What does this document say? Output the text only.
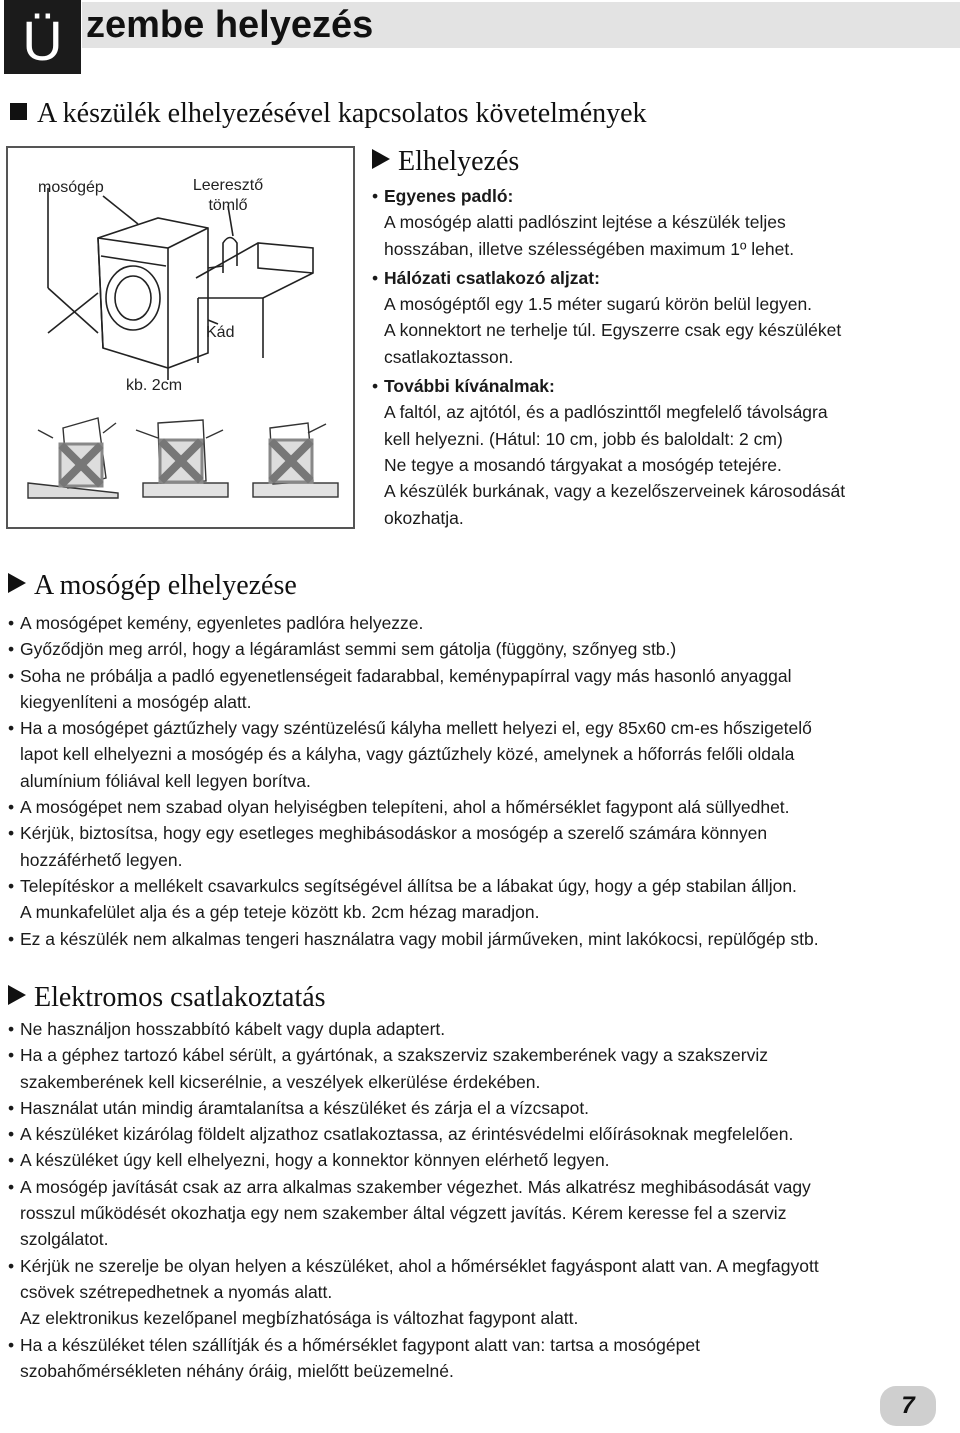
Ü zembe helyezés
A készülék elhelyezésével kapcsolatos követelmények
mosógép	Leeresztő
tömlő
Kád
kb. 2cm
Elhelyezés
• Egyenes padló:
A mosógép alatti padlószint lejtése a készülék teljes
hosszában, illetve szélességében maximum 1º lehet.
• Hálózati csatlakozó aljzat:
A mosógéptől egy 1.5 méter sugarú körön belül legyen.
A konnektort ne terhelje túl. Egyszerre csak egy készüléket
csatlakoztasson.
• További kívánalmak:
A faltól, az ajtótól, és a padlószinttől megfelelő távolságra
kell helyezni. (Hátul: 10 cm, jobb és baloldalt: 2 cm)
Ne tegye a mosandó tárgyakat a mosógép tetejére.
A készülék burkának, vagy a kezelőszerveinek károsodását
okozhatja.
A mosógép elhelyezése
• A mosógépet kemény, egyenletes padlóra helyezze.
• Győződjön meg arról, hogy a légáramlást semmi sem gátolja (függöny, szőnyeg stb.)
• Soha ne próbálja a padló egyenetlenségeit fadarabbal, keménypapírral vagy más hasonló anyaggal
kiegyenlíteni a mosógép alatt.
• Ha a mosógépet gáztűzhely vagy széntüzelésű kályha mellett helyezi el, egy 85x60 cm-es hőszigetelő
lapot kell elhelyezni a mosógép és a kályha, vagy gáztűzhely közé, amelynek a hőforrás felőli oldala
alumínium fóliával kell legyen borítva.
• A mosógépet nem szabad olyan helyiségben telepíteni, ahol a hőmérséklet fagypont alá süllyedhet.
• Kérjük, biztosítsa, hogy egy esetleges meghibásodáskor a mosógép a szerelő számára könnyen
hozzáférhető legyen.
• Telepítéskor a mellékelt csavarkulcs segítségével állítsa be a lábakat úgy, hogy a gép stabilan álljon.
A munkafelület alja és a gép teteje között kb. 2cm hézag maradjon.
• Ez a készülék nem alkalmas tengeri használatra vagy mobil járműveken, mint lakókocsi, repülőgép stb.
Elektromos csatlakoztatás
• Ne használjon hosszabbító kábelt vagy dupla adaptert.
• Ha a géphez tartozó kábel sérült, a gyártónak, a szakszerviz szakemberének vagy a szakszerviz
szakemberének kell kicserélnie, a veszélyek elkerülése érdekében.
• Használat után mindig áramtalanítsa a készüléket és zárja el a vízcsapot.
• A készüléket kizárólag földelt aljzathoz csatlakoztassa, az érintésvédelmi előírásoknak megfelelően.
• A készüléket úgy kell elhelyezni, hogy a konnektor könnyen elérhető legyen.
• A mosógép javítását csak az arra alkalmas szakember végezhet. Más alkatrész meghibásodását vagy
rosszul működését okozhatja egy nem szakember által végzett javítás. Kérem keresse fel a szerviz
szolgálatot.
• Kérjük ne szerelje be olyan helyen a készüléket, ahol a hőmérséklet fagyáspont alatt van. A megfagyott
csövek szétrepedhetnek a nyomás alatt.
Az elektronikus kezelőpanel megbízhatósága is változhat fagypont alatt.
• Ha a készüléket télen szállítják és a hőmérséklet fagypont alatt van: tartsa a mosógépet
szobahőmérsékleten néhány óráig, mielőtt beüzemelné.
7
